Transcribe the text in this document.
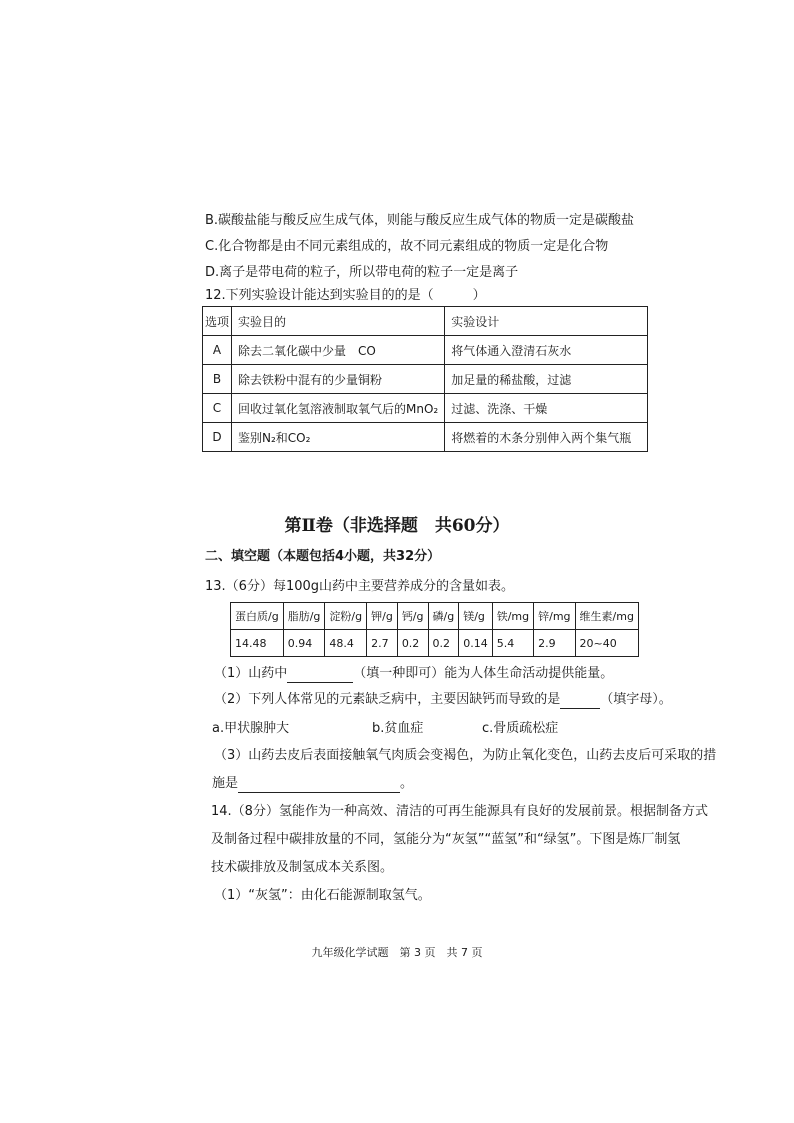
B.碳酸盐能与酸反应生成气体，则能与酸反应生成气体的物质一定是碳酸盐
C.化合物都是由不同元素组成的，故不同元素组成的物质一定是化合物
D.离子是带电荷的粒子，所以带电荷的粒子一定是离子
12.下列实验设计能达到实验目的的是（　　　）
选项	实验目的	实验设计
A	除去二氧化碳中少量　CO	将气体通入澄清石灰水
B	除去铁粉中混有的少量铜粉	加足量的稀盐酸，过滤
C	回收过氧化氢溶液制取氧气后的MnO₂	过滤、洗涤、干燥
D	鉴别N₂和CO₂	将燃着的木条分别伸入两个集气瓶
第Ⅱ卷（非选择题　共60分）
二、填空题（本题包括4小题，共32分）
13.（6分）每100g山药中主要营养成分的含量如表。
蛋白质/g	脂肪/g	淀粉/g	钾/g	钙/g	磷/g	镁/g	铁/mg	锌/mg	维生素/mg
14.48	0.94	48.4	2.7	0.2	0.2	0.14	5.4	2.9	20~40
（1）山药中	（填一种即可）能为人体生命活动提供能量。
（2）下列人体常见的元素缺乏病中，主要因缺钙而导致的是	（填字母）。
a.甲状腺肿大	b.贫血症	c.骨质疏松症
（3）山药去皮后表面接触氧气肉质会变褐色，为防止氧化变色，山药去皮后可采取的措
施是	。
14.（8分）氢能作为一种高效、清洁的可再生能源具有良好的发展前景。根据制备方式
及制备过程中碳排放量的不同，氢能分为“灰氢”“蓝氢”和“绿氢”。下图是炼厂制氢
技术碳排放及制氢成本关系图。
（1）“灰氢”：由化石能源制取氢气。
九年级化学试题　第 3 页　共 7 页
